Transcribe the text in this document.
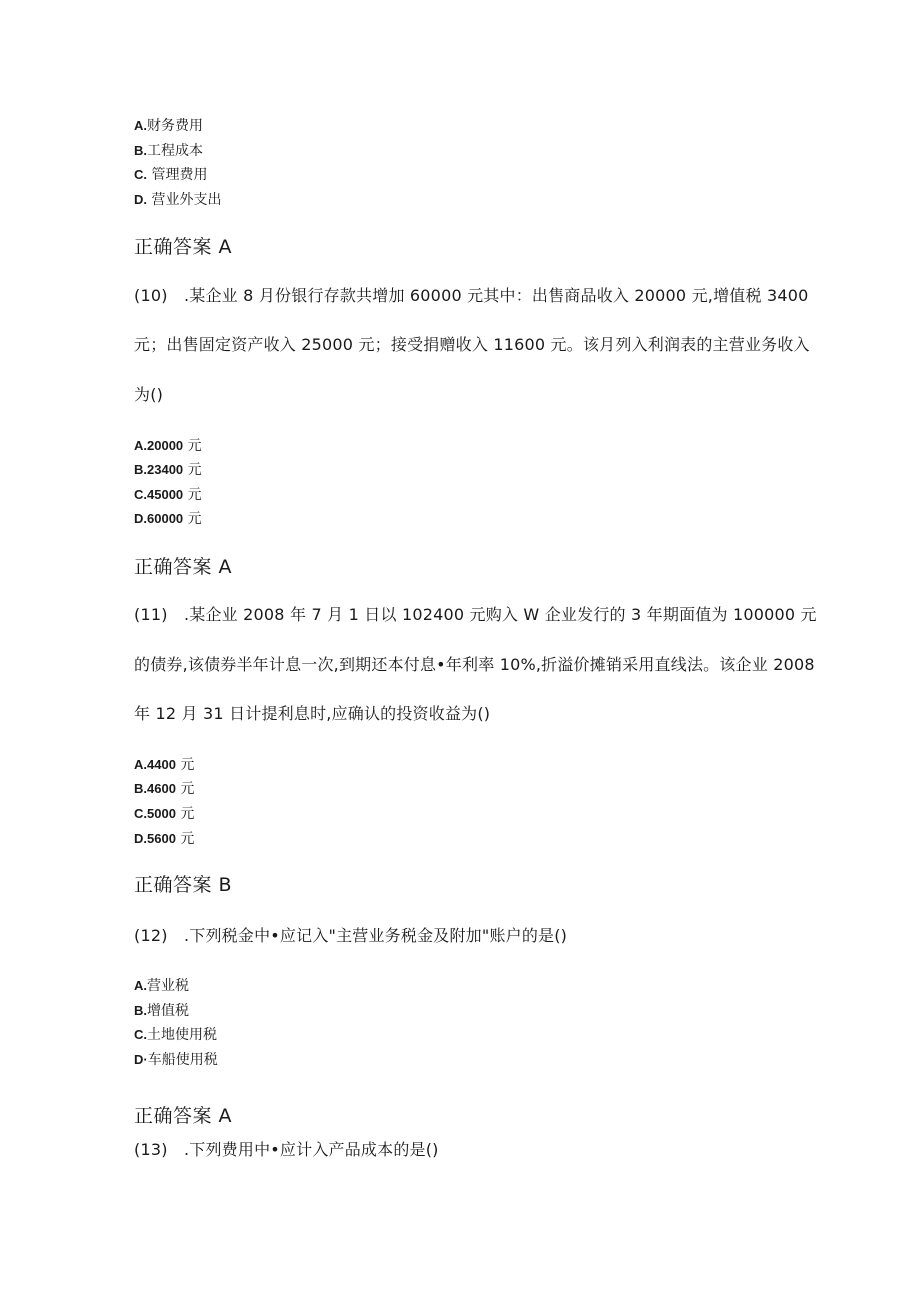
A.财务费用
B.工程成本
C. 管理费用
D. 营业外支出
正确答案 A
(10) .某企业 8 月份银行存款共增加 60000 元其中：出售商品收入 20000 元,增值税 3400
元；出售固定资产收入 25000 元；接受捐赠收入 11600 元。该月列入利润表的主营业务收入
为()
A.20000 元
B.23400 元
C.45000 元
D.60000 元
正确答案 A
(11) .某企业 2008 年 7 月 1 日以 102400 元购入 W 企业发行的 3 年期面值为 100000 元
的债券,该债券半年计息一次,到期还本付息•年利率 10%,折溢价摊销采用直线法。该企业 2008
年 12 月 31 日计提利息时,应确认的投资收益为()
A.4400 元
B.4600 元
C.5000 元
D.5600 元
正确答案 B
(12) .下列税金中•应记入"主营业务税金及附加"账户的是()
A.营业税
B.增值税
C.土地使用税
D·车船使用税
正确答案 A
(13) .下列费用中•应计入产品成本的是()
